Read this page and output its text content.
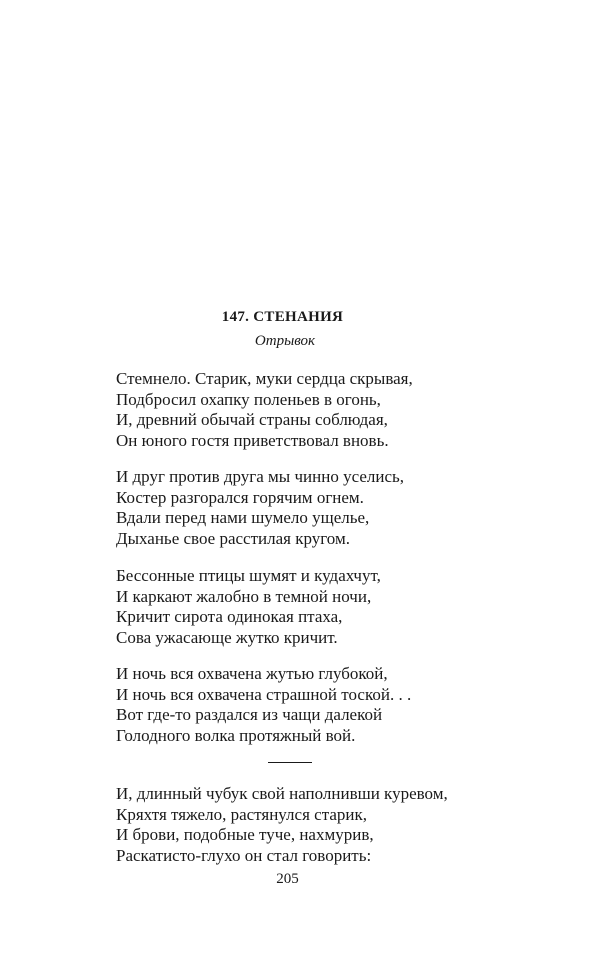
147. СТЕНАНИЯ
Отрывок
Стемнело. Старик, муки сердца скрывая,
Подбросил охапку поленьев в огонь,
И, древний обычай страны соблюдая,
Он юного гостя приветствовал вновь.
И друг против друга мы чинно уселись,
Костер разгорался горячим огнем.
Вдали перед нами шумело ущелье,
Дыханье свое расстилая кругом.
Бессонные птицы шумят и кудахчут,
И каркают жалобно в темной ночи,
Кричит сирота одинокая птаха,
Сова ужасающе жутко кричит.
И ночь вся охвачена жутью глубокой,
И ночь вся охвачена страшной тоской. . .
Вот где-то раздался из чащи далекой
Голодного волка протяжный вой.
И, длинный чубук свой наполнивши куревом,
Кряхтя тяжело, растянулся старик,
И брови, подобные туче, нахмурив,
Раскатисто-глухо он стал говорить:
205
